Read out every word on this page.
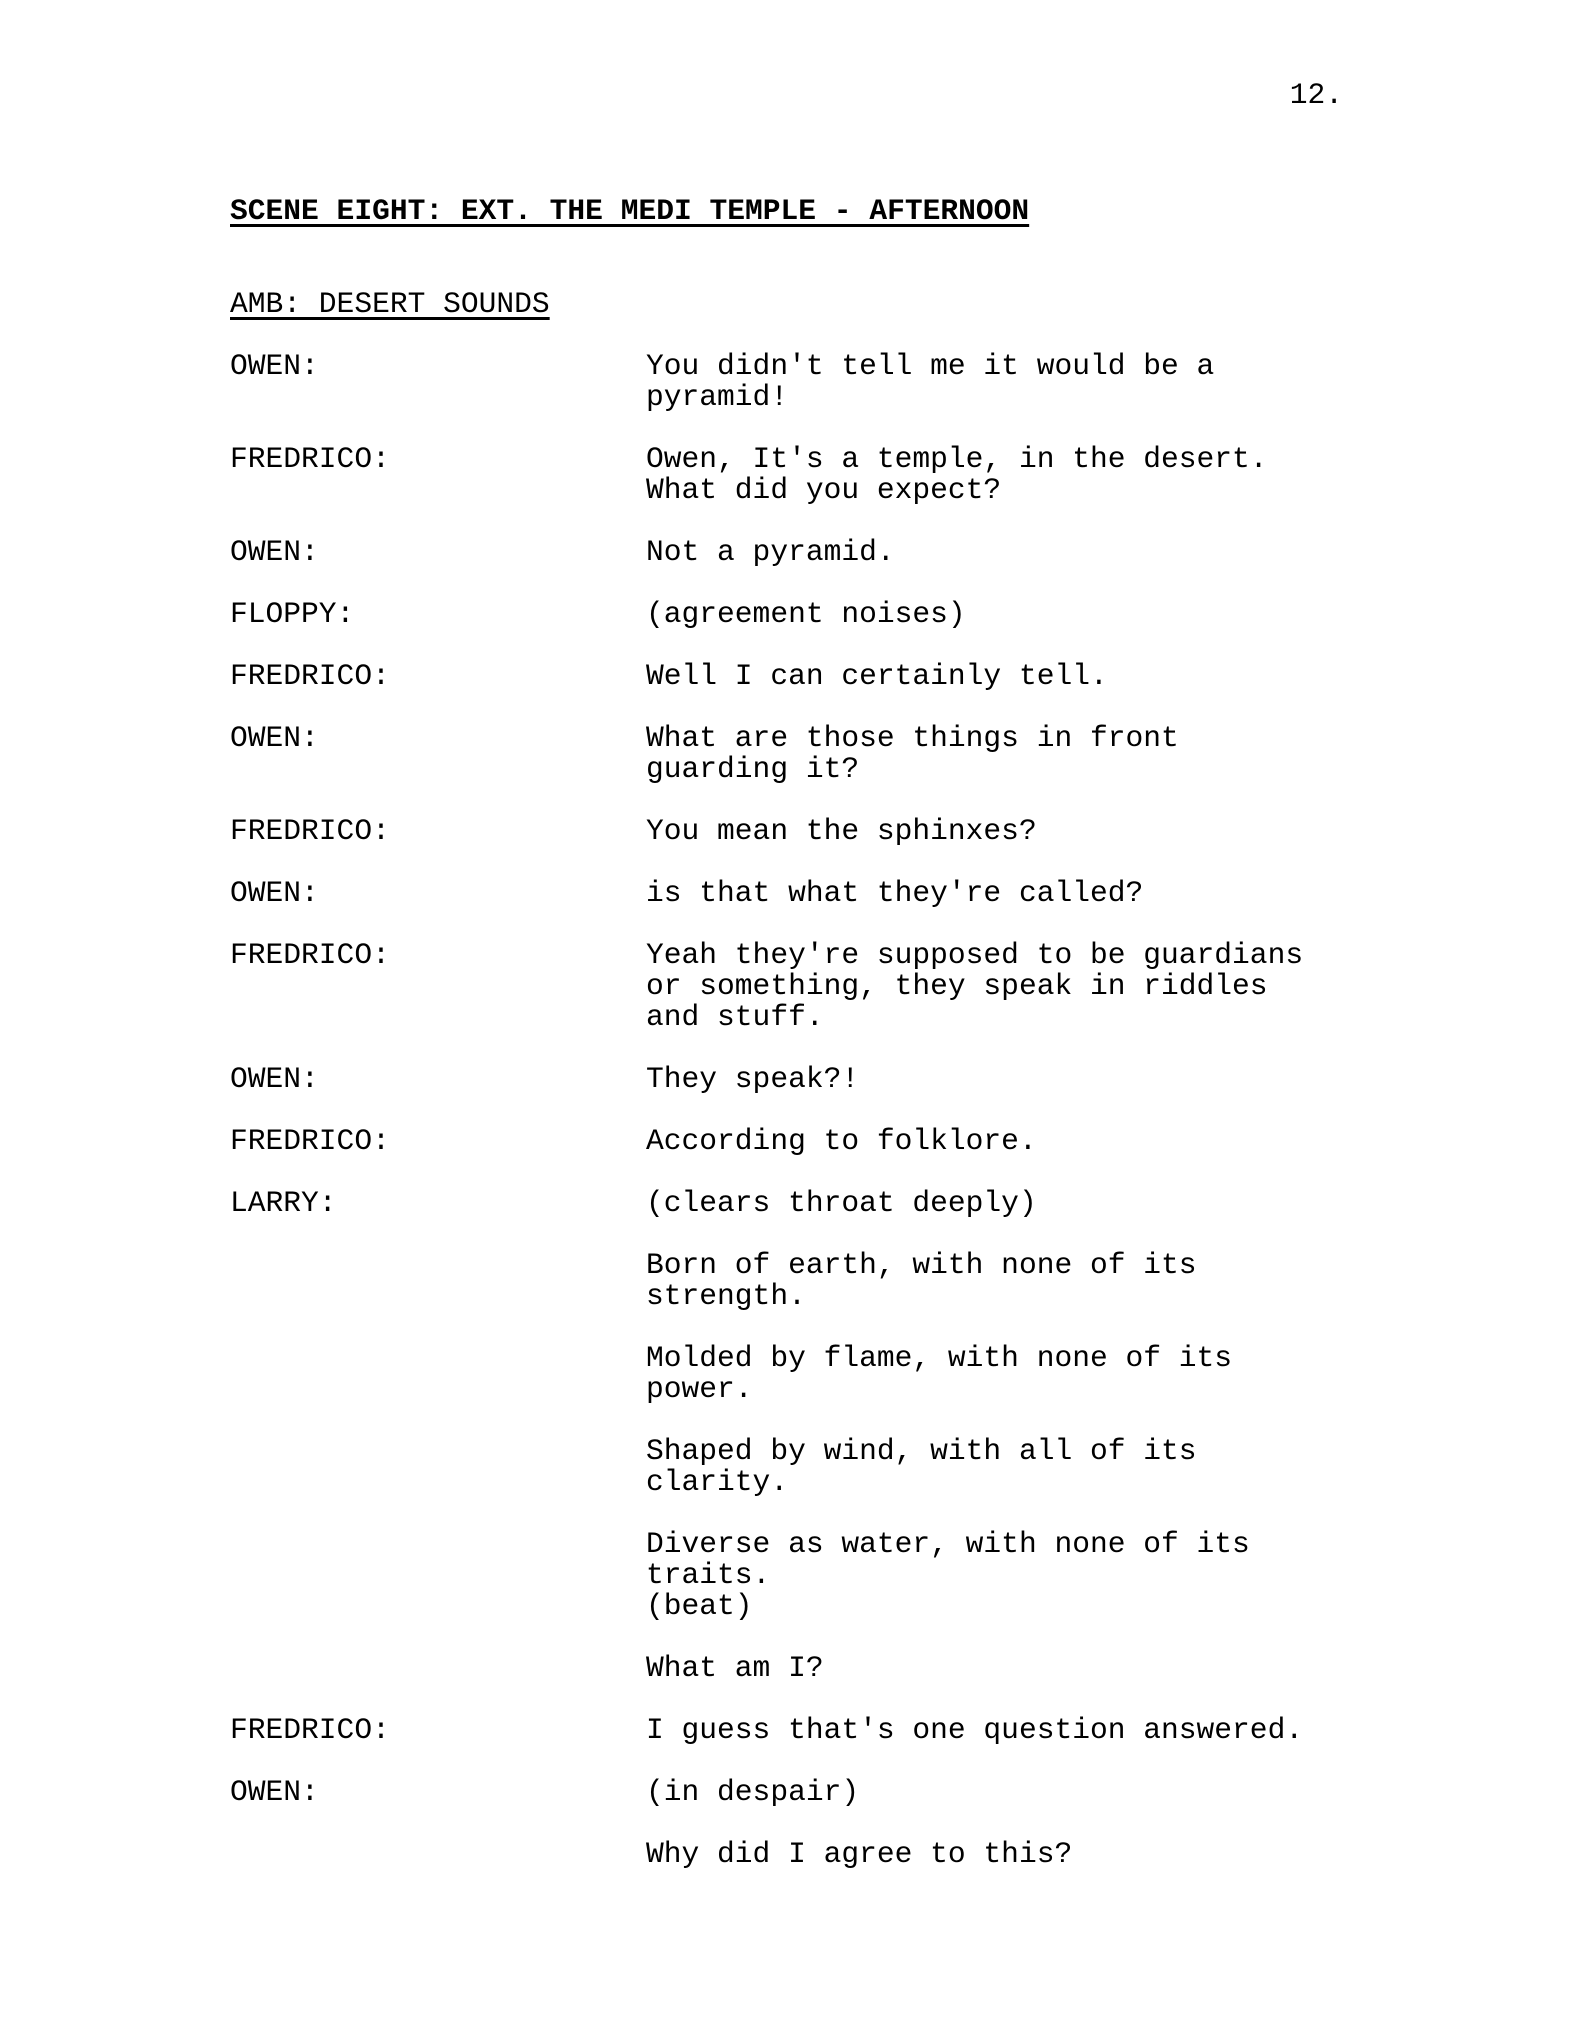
12.
SCENE EIGHT: EXT. THE MEDI TEMPLE - AFTERNOON
AMB: DESERT SOUNDS
OWEN:	You didn't tell me it would be a
pyramid!
FREDRICO:	Owen, It's a temple, in the desert.
What did you expect?
OWEN:	Not a pyramid.
FLOPPY:	(agreement noises)
FREDRICO:	Well I can certainly tell.
OWEN:	What are those things in front
guarding it?
FREDRICO:	You mean the sphinxes?
OWEN:	is that what they're called?
FREDRICO:	Yeah they're supposed to be guardians
or something, they speak in riddles
and stuff.
OWEN:	They speak?!
FREDRICO:	According to folklore.
LARRY:	(clears throat deeply)
Born of earth, with none of its
strength.
Molded by flame, with none of its
power.
Shaped by wind, with all of its
clarity.
Diverse as water, with none of its
traits.
(beat)
What am I?
FREDRICO:	I guess that's one question answered.
OWEN:	(in despair)
Why did I agree to this?
